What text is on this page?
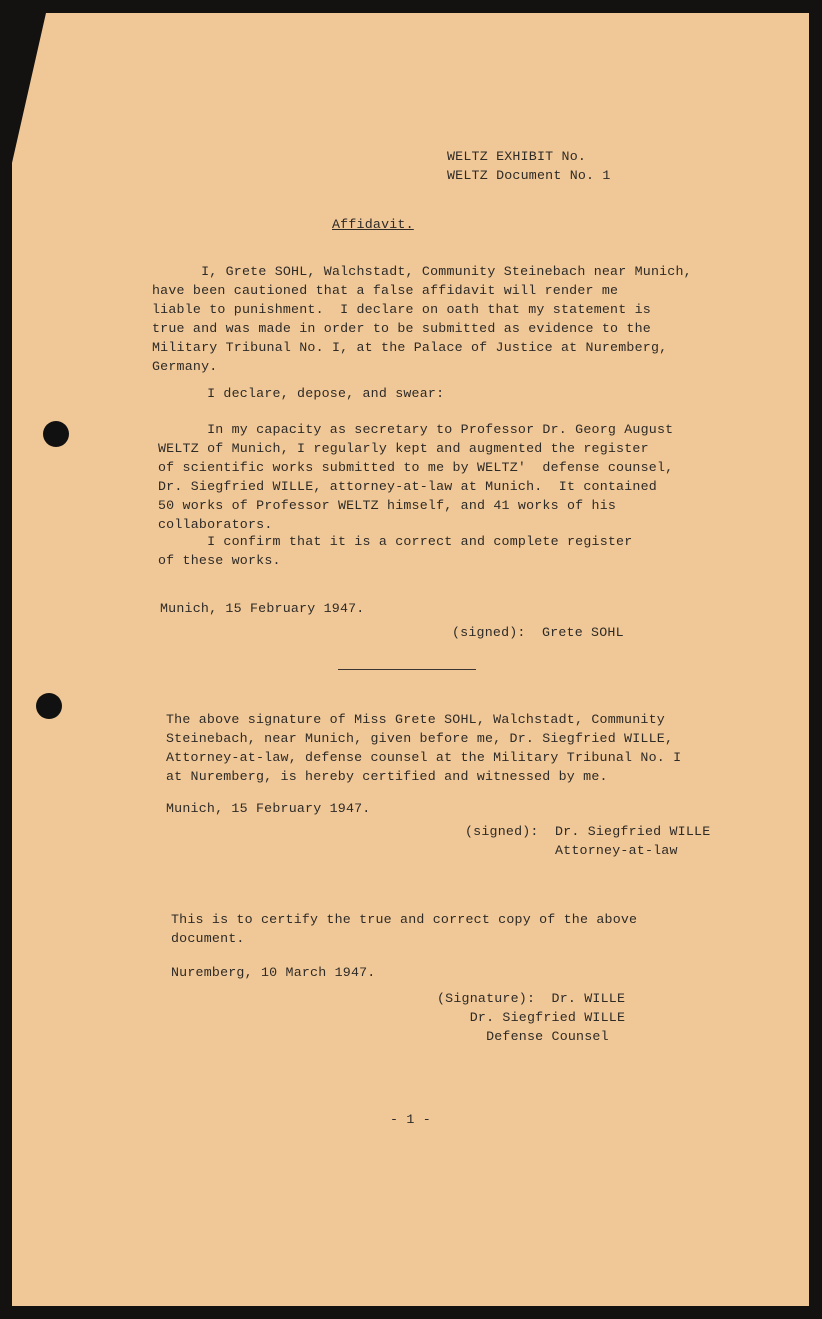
WELTZ EXHIBIT No.
WELTZ Document No. 1
Affidavit.
I, Grete SOHL, Walchstadt, Community Steinebach near Munich,
have been cautioned that a false affidavit will render me
liable to punishment.  I declare on oath that my statement is
true and was made in order to be submitted as evidence to the
Military Tribunal No. I, at the Palace of Justice at Nuremberg,
Germany.
I declare, depose, and swear:
In my capacity as secretary to Professor Dr. Georg August
WELTZ of Munich, I regularly kept and augmented the register
of scientific works submitted to me by WELTZ'  defense counsel,
Dr. Siegfried WILLE, attorney-at-law at Munich.  It contained
50 works of Professor WELTZ himself, and 41 works of his
collaborators.
I confirm that it is a correct and complete register
of these works.
Munich, 15 February 1947.
(signed):  Grete SOHL
The above signature of Miss Grete SOHL, Walchstadt, Community
Steinebach, near Munich, given before me, Dr. Siegfried WILLE,
Attorney-at-law, defense counsel at the Military Tribunal No. I
at Nuremberg, is hereby certified and witnessed by me.
Munich, 15 February 1947.
(signed):  Dr. Siegfried WILLE
Attorney-at-law
This is to certify the true and correct copy of the above
document.
Nuremberg, 10 March 1947.
(Signature):  Dr. WILLE
Dr. Siegfried WILLE
Defense Counsel
- 1 -
